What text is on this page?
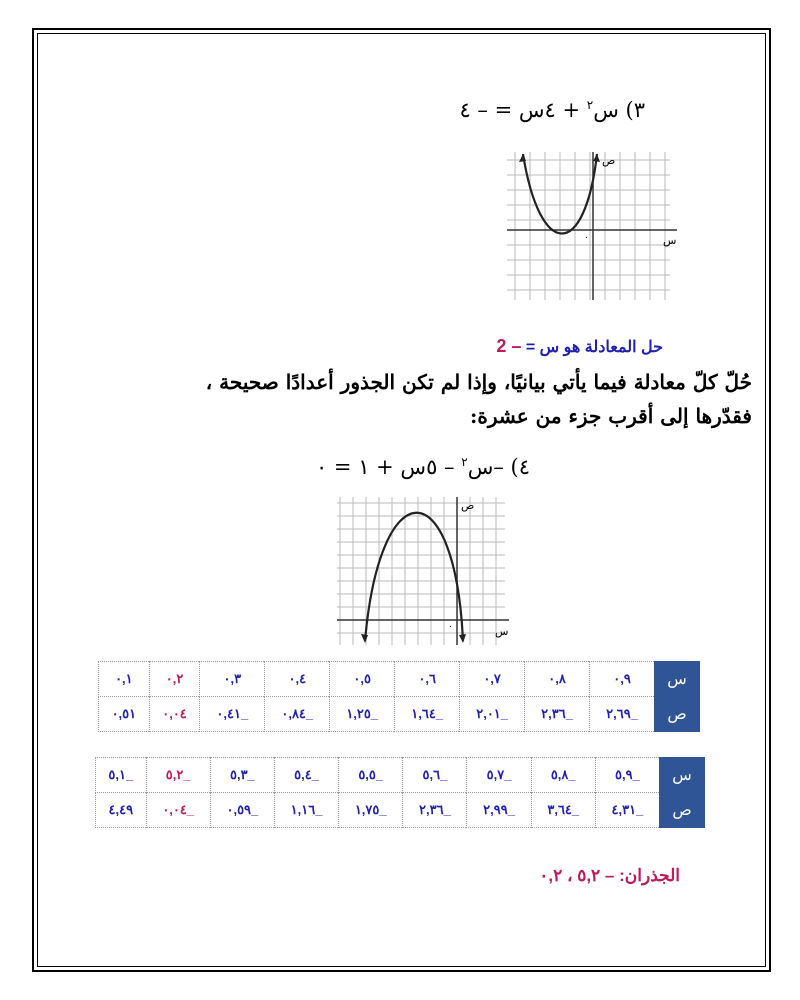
٣) س$^٢$ + ٤س = – ٤
ص
س
٠
حل المعادلة هو س = – 2
حُلّ كلّ معادلة فيما يأتي بيانيًا، وإذا لم تكن الجذور أعدادًا صحيحة ،
فقدّرها إلى أقرب جزء من عشرة:
٤) –س$^٢$ – ٥س + ١ = ٠
ص
س
٠
س	٠,٩	٠,٨	٠,٧	٠,٦	٠,٥	٠,٤	٠,٣	٠,٢	٠,١
ص	_٢,٦٩	_٢,٣٦	_٢,٠١	_١,٦٤	_١,٢٥	_٠,٨٤	_٠,٤١	٠,٠٤	٠,٥١
س	_٥,٩	_٥,٨	_٥,٧	_٥,٦	_٥,٥	_٥,٤	_٥,٣	_٥,٢	_٥,١
ص	_٤,٣١	_٣,٦٤	_٢,٩٩	_٢,٣٦	_١,٧٥	_١,١٦	_٠,٥٩	_٠,٠٤	٤,٤٩
الجذران: – ٥,٢ ، ٠,٢
